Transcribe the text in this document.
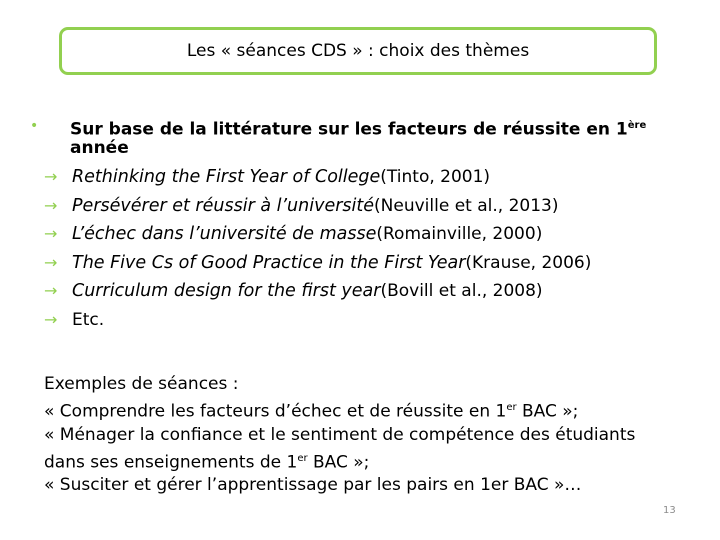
Les « séances CDS » : choix des thèmes
•	Sur base de la littérature sur les facteurs de réussite en 1ère
année
→ Rethinking the First Year of College (Tinto, 2001)
→ Persévérer et réussir à l’université (Neuville et al., 2013)
→ L’échec dans l’université de masse (Romainville, 2000)
→ The Five Cs of Good Practice in the First Year (Krause, 2006)
→ Curriculum design for the first year (Bovill et al., 2008)
→ Etc.
Exemples de séances :
« Comprendre les facteurs d’échec et de réussite en 1er BAC »;
« Ménager la confiance et le sentiment de compétence des étudiants
dans ses enseignements de 1er BAC »;
« Susciter et gérer l’apprentissage par les pairs en 1er BAC »…
13
